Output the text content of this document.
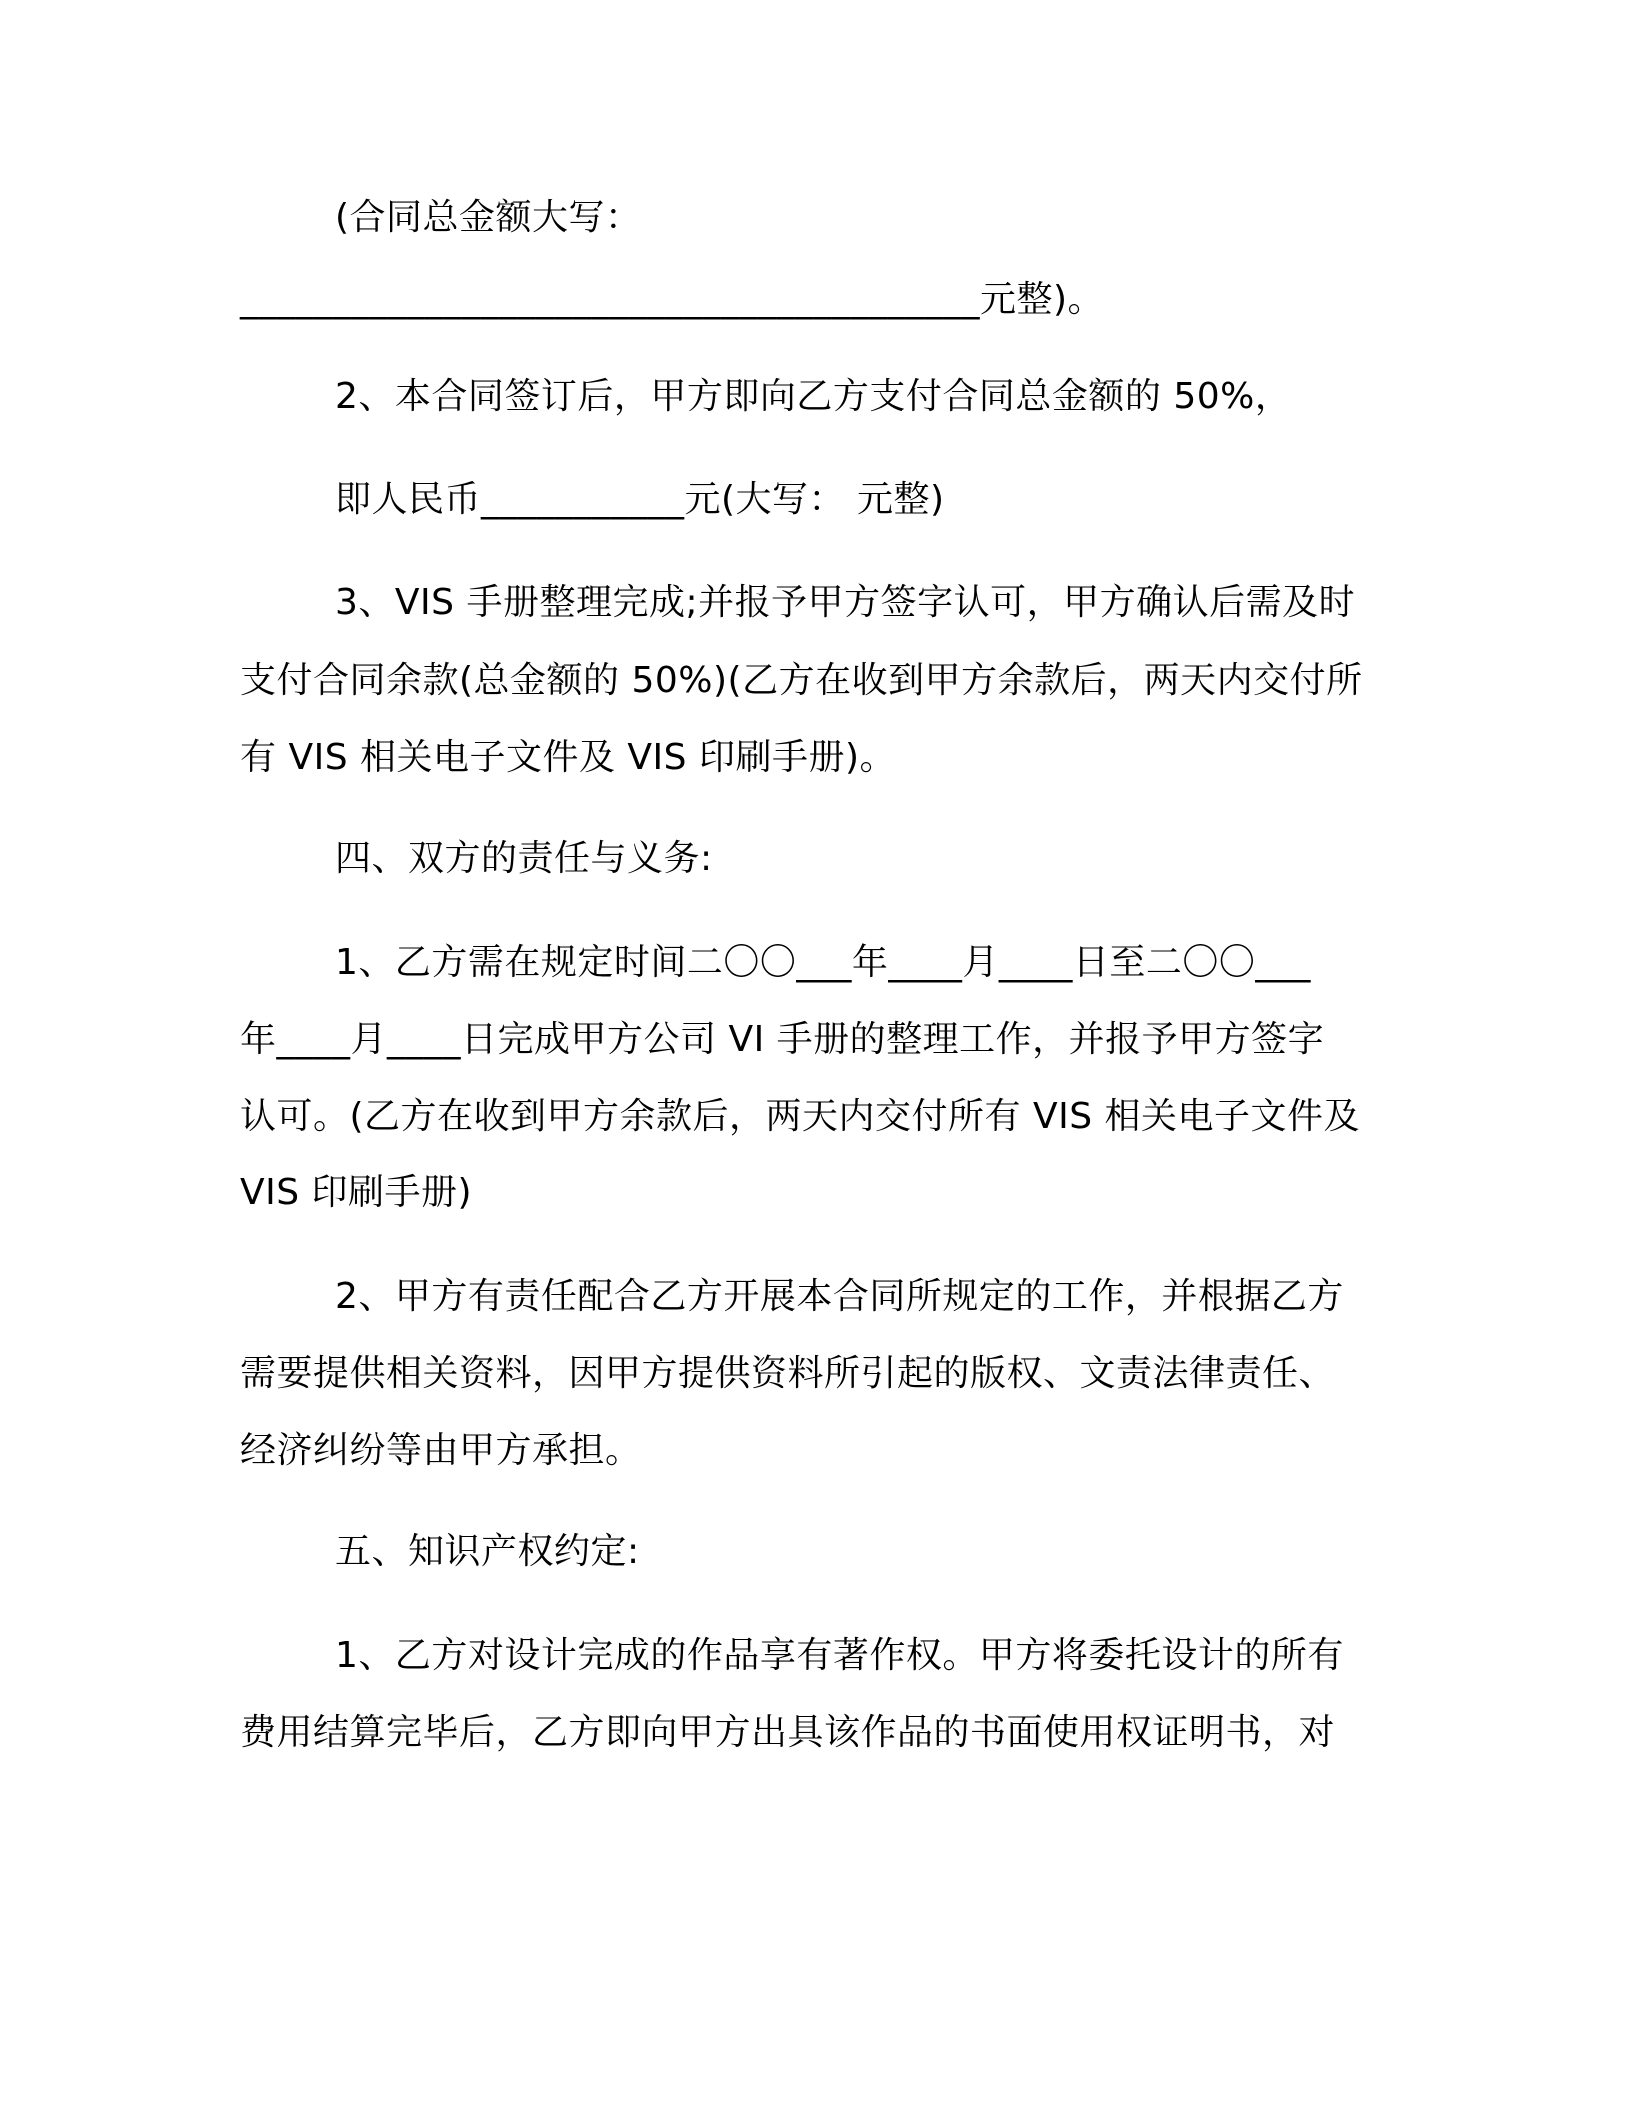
(合同总金额大写：
________________________________________元整)。
2、本合同签订后，甲方即向乙方支付合同总金额的 50%，
即人民币___________元(大写： 元整)
3、VIS 手册整理完成;并报予甲方签字认可，甲方确认后需及时
支付合同余款(总金额的 50%)(乙方在收到甲方余款后，两天内交付所
有 VIS 相关电子文件及 VIS 印刷手册)。
四、双方的责任与义务:
1、乙方需在规定时间二〇〇___年____月____日至二〇〇___
年____月____日完成甲方公司 VI 手册的整理工作，并报予甲方签字
认可。(乙方在收到甲方余款后，两天内交付所有 VIS 相关电子文件及
VIS 印刷手册)
2、甲方有责任配合乙方开展本合同所规定的工作，并根据乙方
需要提供相关资料，因甲方提供资料所引起的版权、文责法律责任、
经济纠纷等由甲方承担。
五、知识产权约定:
1、乙方对设计完成的作品享有著作权。甲方将委托设计的所有
费用结算完毕后，乙方即向甲方出具该作品的书面使用权证明书，对
